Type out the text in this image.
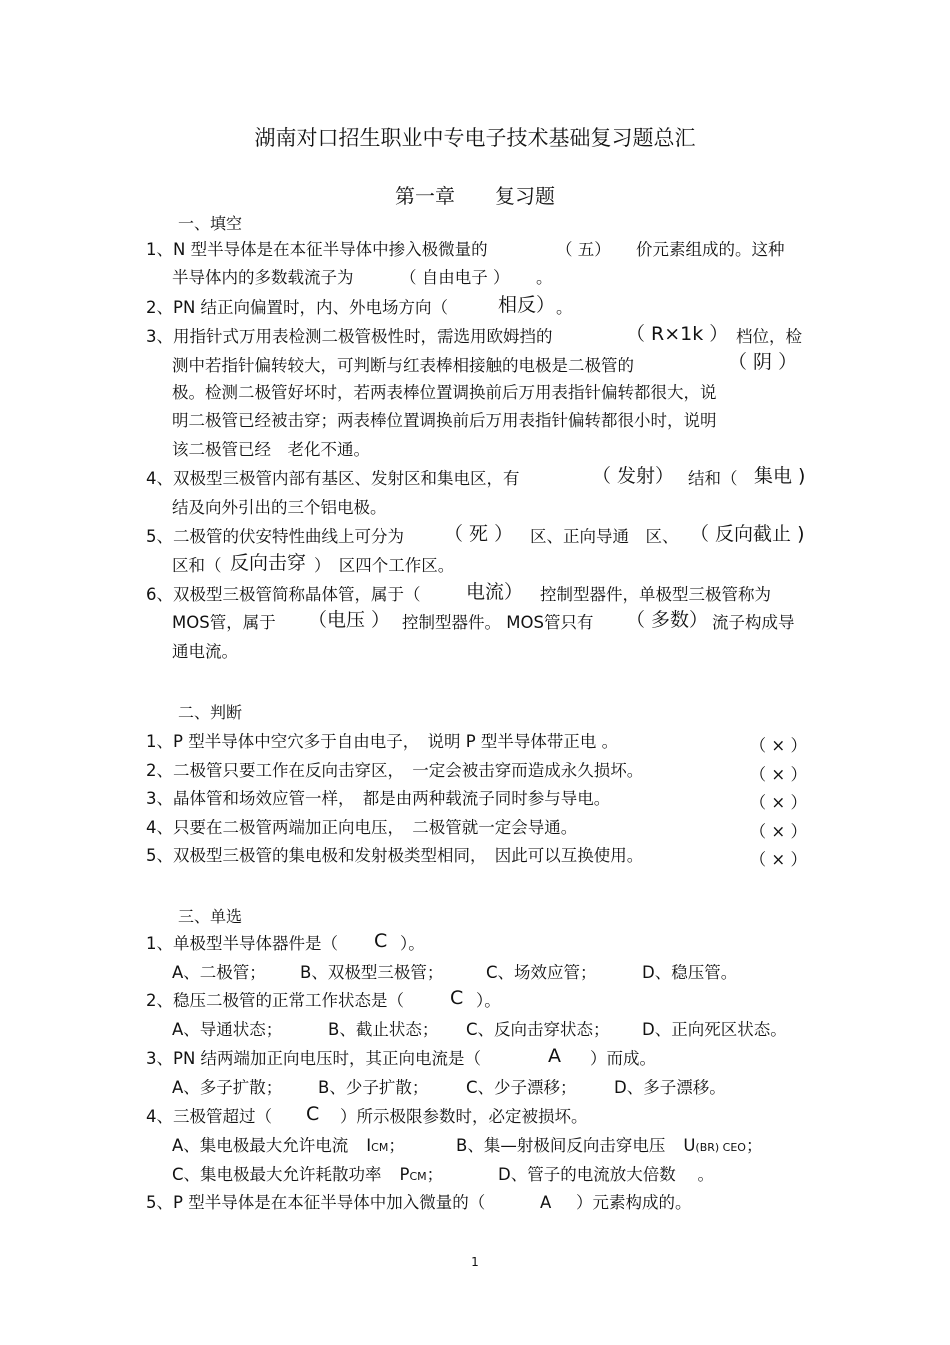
湖南对口招生职业中专电子技术基础复习题总汇
第一章　　复习题
一、填空
1、N 型半导体是在本征半导体中掺入极微量的	（ 五） 价元素组成的。这种
半导体内的多数载流子为	（ 自由电子 ） 。
2、PN 结正向偏置时，内、外电场方向（	相反） 。
3、用指针式万用表检测二极管极性时，需选用欧姆挡的	（ R×1k ） 档位，检
测中若指针偏转较大，可判断与红表棒相接触的电极是二极管的	（ 阴 ）
极。检测二极管好坏时，若两表棒位置调换前后万用表指针偏转都很大，说
明二极管已经被击穿；两表棒位置调换前后万用表指针偏转都很小时，说明
该二极管已经　老化不通。
4、双极型三极管内部有基区、发射区和集电区，有	（ 发射） 结和（ 集电 )
结及向外引出的三个铝电极。
5、二极管的伏安特性曲线上可分为 （ 死 ） 区、正向导通　区、 （ 反向截止 )
区和（ 反向击穿 ）　区四个工作区。
6、双极型三极管简称晶体管，属于（ 电流） 控制型器件，单极型三极管称为
MOS管，属于 （电压 ） 控制型器件。 MOS管只有 （ 多数） 流子构成导
通电流。
二、判断
1、P 型半导体中空穴多于自由电子，　说明 P 型半导体带正电 。	（ × ）
2、二极管只要工作在反向击穿区，　一定会被击穿而造成永久损坏。	（ × ）
3、晶体管和场效应管一样，　都是由两种载流子同时参与导电。	（ × ）
4、只要在二极管两端加正向电压，　二极管就一定会导通。	（ × ）
5、双极型三极管的集电极和发射极类型相同，　因此可以互换使用。	（ × ）
三、单选
1、单极型半导体器件是（ C ）。
A、二极管； B、双极型三极管；	C、场效应管；	D、稳压管。
2、稳压二极管的正常工作状态是（ C ）。
A、导通状态；	B、截止状态； C、反向击穿状态； D、正向死区状态。
3、PN 结两端加正向电压时，其正向电流是（	A ）而成。
A、多子扩散； B、少子扩散； C、少子漂移； D、多子漂移。
4、三极管超过（ C ）所示极限参数时，必定被损坏。
A、集电极最大允许电流 ICM；	B、集—射极间反向击穿电压 U(BR) CEO；
C、集电极最大允许耗散功率 PCM；	D、管子的电流放大倍数　 。
5、P 型半导体是在本征半导体中加入微量的（	A ）元素构成的。
1
